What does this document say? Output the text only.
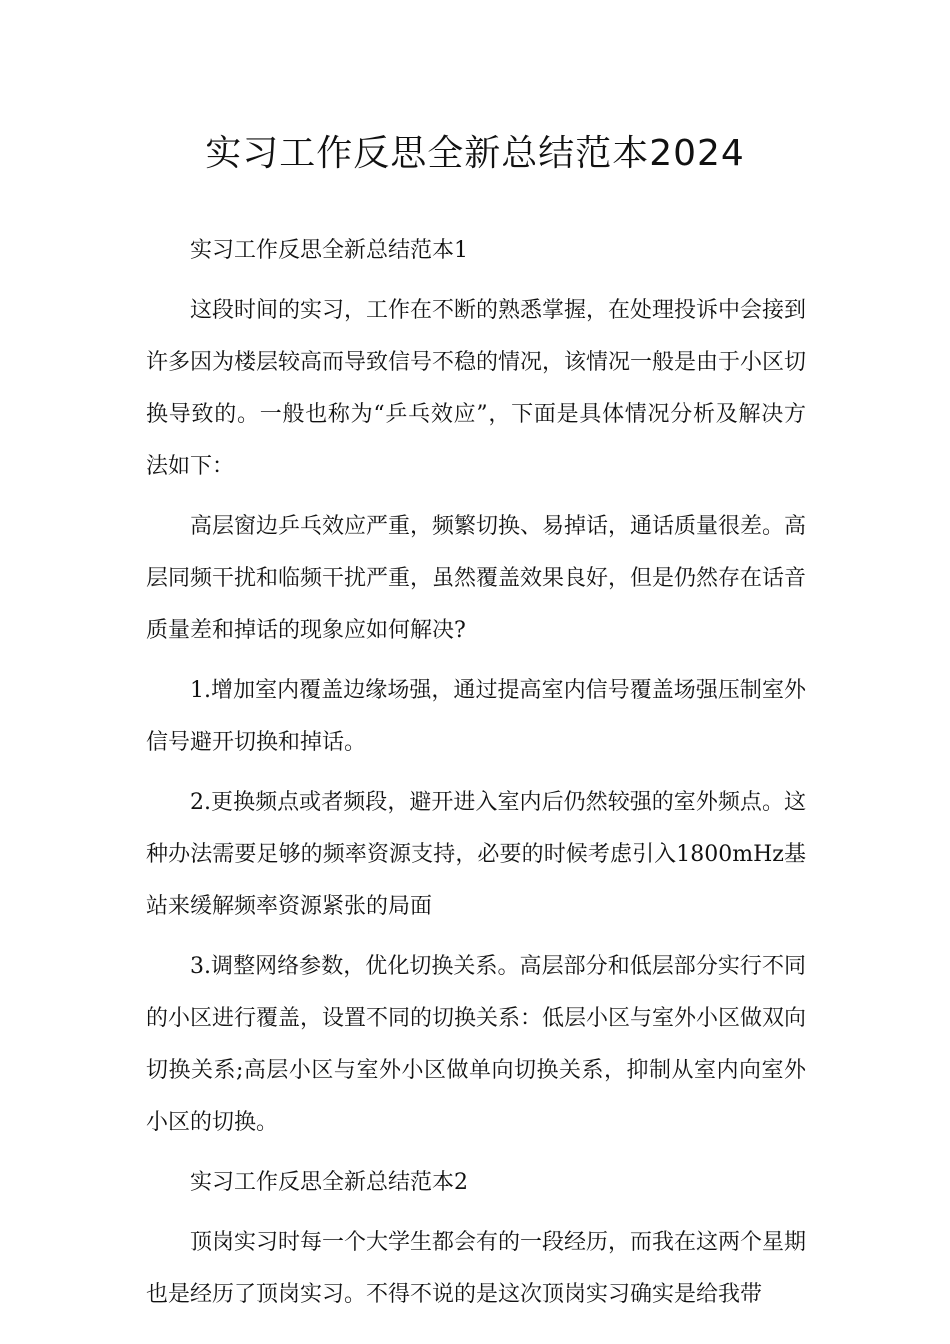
实习工作反思全新总结范本2024

实习工作反思全新总结范本1

这段时间的实习，工作在不断的熟悉掌握，在处理投诉中会接到许多因为楼层较高而导致信号不稳的情况，该情况一般是由于小区切换导致的。一般也称为“乒乓效应”，下面是具体情况分析及解决方法如下：

高层窗边乒乓效应严重，频繁切换、易掉话，通话质量很差。高层同频干扰和临频干扰严重，虽然覆盖效果良好，但是仍然存在话音质量差和掉话的现象应如何解决?

1.增加室内覆盖边缘场强，通过提高室内信号覆盖场强压制室外信号避开切换和掉话。

2.更换频点或者频段，避开进入室内后仍然较强的室外频点。这种办法需要足够的频率资源支持，必要的时候考虑引入1800mHz基站来缓解频率资源紧张的局面

3.调整网络参数，优化切换关系。高层部分和低层部分实行不同的小区进行覆盖，设置不同的切换关系：低层小区与室外小区做双向切换关系;高层小区与室外小区做单向切换关系，抑制从室内向室外小区的切换。

实习工作反思全新总结范本2

顶岗实习时每一个大学生都会有的一段经历，而我在这两个星期也是经历了顶岗实习。不得不说的是这次顶岗实习确实是给我带
